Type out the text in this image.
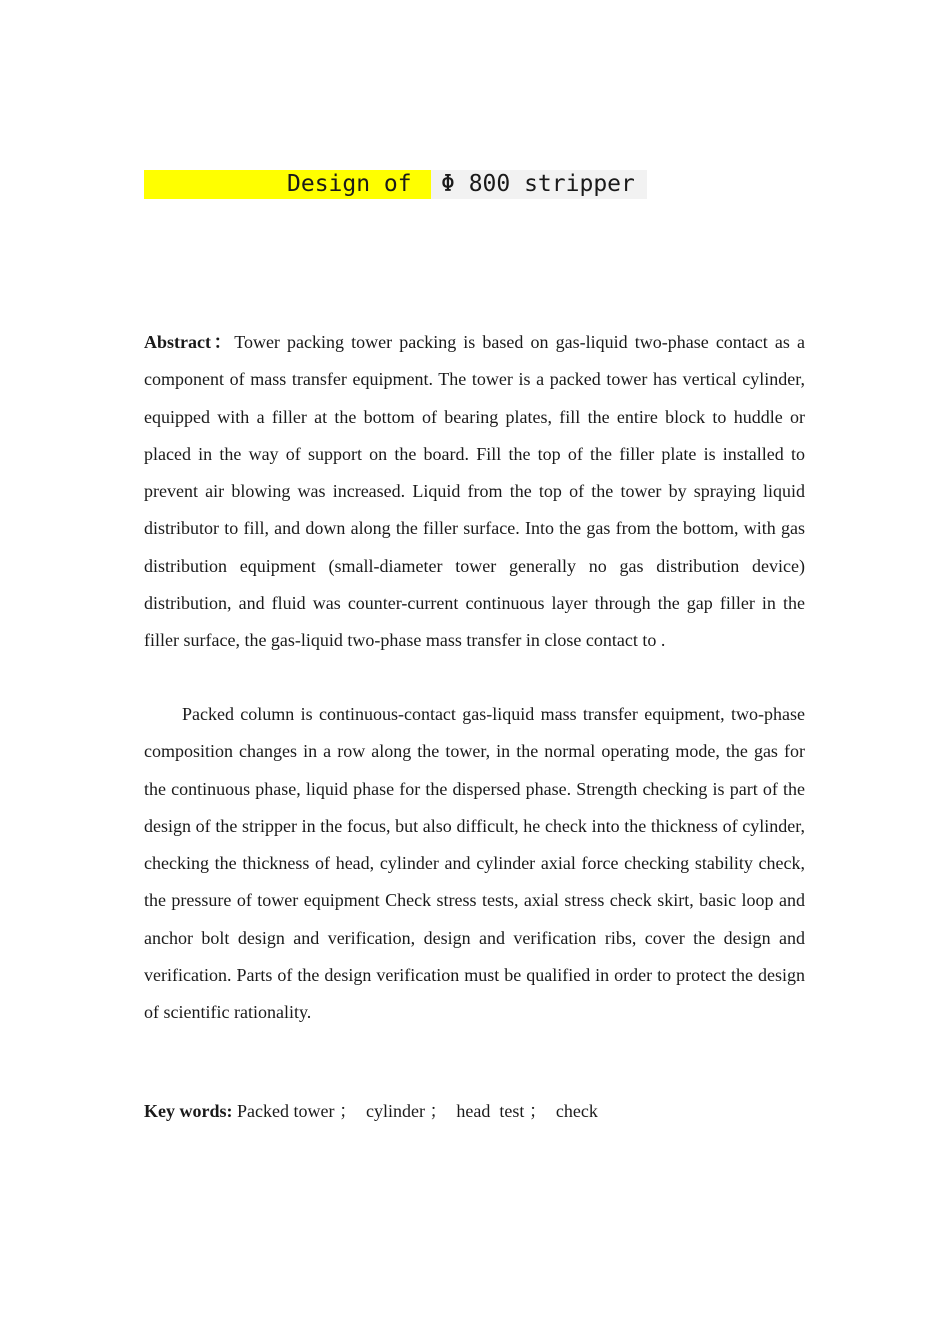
Design of Φ 800 stripper

Abstract：Tower packing tower packing is based on gas-liquid two-phase contact as a component of mass transfer equipment. The tower is a packed tower has vertical cylinder, equipped with a filler at the bottom of bearing plates, fill the entire block to huddle or placed in the way of support on the board. Fill the top of the filler plate is installed to prevent air blowing was increased. Liquid from the top of the tower by spraying liquid distributor to fill, and down along the filler surface. Into the gas from the bottom, with gas distribution equipment (small-diameter tower generally no gas distribution device) distribution, and fluid was counter-current continuous layer through the gap filler in the filler surface, the gas-liquid two-phase mass transfer in close contact to .

Packed column is continuous-contact gas-liquid mass transfer equipment, two-phase composition changes in a row along the tower, in the normal operating mode, the gas for the continuous phase, liquid phase for the dispersed phase. Strength checking is part of the design of the stripper in the focus, but also difficult, he check into the thickness of cylinder, checking the thickness of head, cylinder and cylinder axial force checking stability check, the pressure of tower equipment Check stress tests, axial stress check skirt, basic loop and anchor bolt design and verification, design and verification ribs, cover the design and verification. Parts of the design verification must be qualified in order to protect the design of scientific rationality.

Key words: Packed tower ；  cylinder ；  head  test ；  check
